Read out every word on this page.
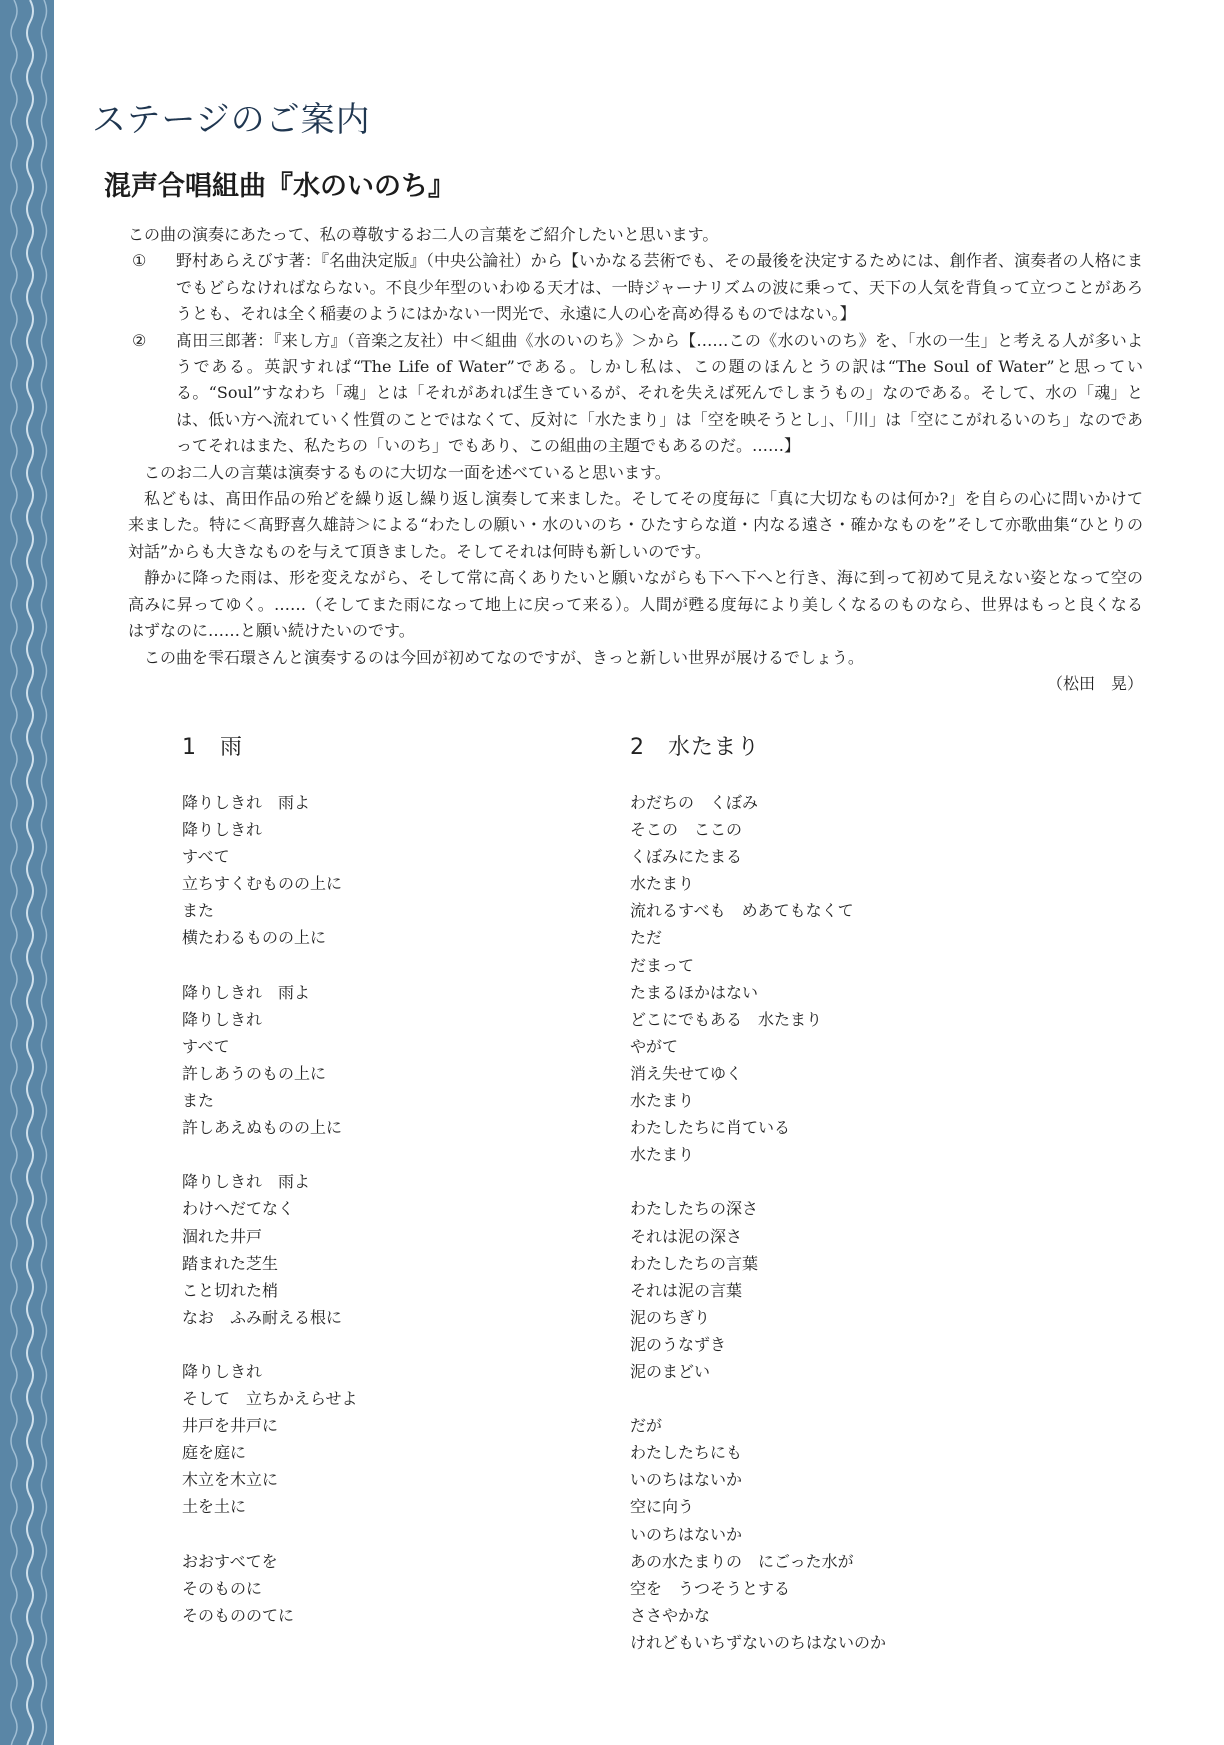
ステージのご案内
混声合唱組曲『水のいのち』

この曲の演奏にあたって、私の尊敬するお二人の言葉をご紹介したいと思います。

①	野村あらえびす著：『名曲決定版』（中央公論社）から【いかなる芸術でも、その最後を決定するためには、創作者、演奏者の人格にまでもどらなければならない。不良少年型のいわゆる天才は、一時ジャーナリズムの波に乗って、天下の人気を背負って立つことがあろうとも、それは全く稲妻のようにはかない一閃光で、永遠に人の心を高め得るものではない。】
②	髙田三郎著：『来し方』（音楽之友社）中＜組曲《水のいのち》＞から【……この《水のいのち》を、「水の一生」と考える人が多いようである。英訳すれば“The Life of Water”である。しかし私は、この題のほんとうの訳は“The Soul of Water”と思っている。“Soul”すなわち「魂」とは「それがあれば生きているが、それを失えば死んでしまうもの」なのである。そして、水の「魂」とは、低い方へ流れていく性質のことではなくて、反対に「水たまり」は「空を映そうとし」、「川」は「空にこがれるいのち」なのであってそれはまた、私たちの「いのち」でもあり、この組曲の主題でもあるのだ。……】

このお二人の言葉は演奏するものに大切な一面を述べていると思います。

私どもは、髙田作品の殆どを繰り返し繰り返し演奏して来ました。そしてその度毎に「真に大切なものは何か?」を自らの心に問いかけて来ました。特に＜髙野喜久雄詩＞による“わたしの願い・水のいのち・ひたすらな道・内なる遠さ・確かなものを”そして亦歌曲集“ひとりの対話”からも大きなものを与えて頂きました。そしてそれは何時も新しいのです。

静かに降った雨は、形を変えながら、そして常に高くありたいと願いながらも下へ下へと行き、海に到って初めて見えない姿となって空の高みに昇ってゆく。……（そしてまた雨になって地上に戻って来る）。人間が甦る度毎により美しくなるのものなら、世界はもっと良くなるはずなのに……と願い続けたいのです。

この曲を雫石環さんと演奏するのは今回が初めてなのですが、きっと新しい世界が展けるでしょう。

（松田　晃）

1　雨
降りしきれ　雨よ
降りしきれ
すべて
立ちすくむものの上に
また
横たわるものの上に
降りしきれ　雨よ
降りしきれ
すべて
許しあうのもの上に
また
許しあえぬものの上に
降りしきれ　雨よ
わけへだてなく
涸れた井戸
踏まれた芝生
こと切れた梢
なお　ふみ耐える根に
降りしきれ
そして　立ちかえらせよ
井戸を井戸に
庭を庭に
木立を木立に
土を土に
おおすべてを
そのものに
そのもののてに
2　水たまり
わだちの　くぼみ
そこの　ここの
くぼみにたまる
水たまり
流れるすべも　めあてもなくて
ただ
だまって
たまるほかはない
どこにでもある　水たまり
やがて
消え失せてゆく
水たまり
わたしたちに肖ている
水たまり
わたしたちの深さ
それは泥の深さ
わたしたちの言葉
それは泥の言葉
泥のちぎり
泥のうなずき
泥のまどい
だが
わたしたちにも
いのちはないか
空に向う
いのちはないか
あの水たまりの　にごった水が
空を　うつそうとする
ささやかな
けれどもいちずないのちはないのか
